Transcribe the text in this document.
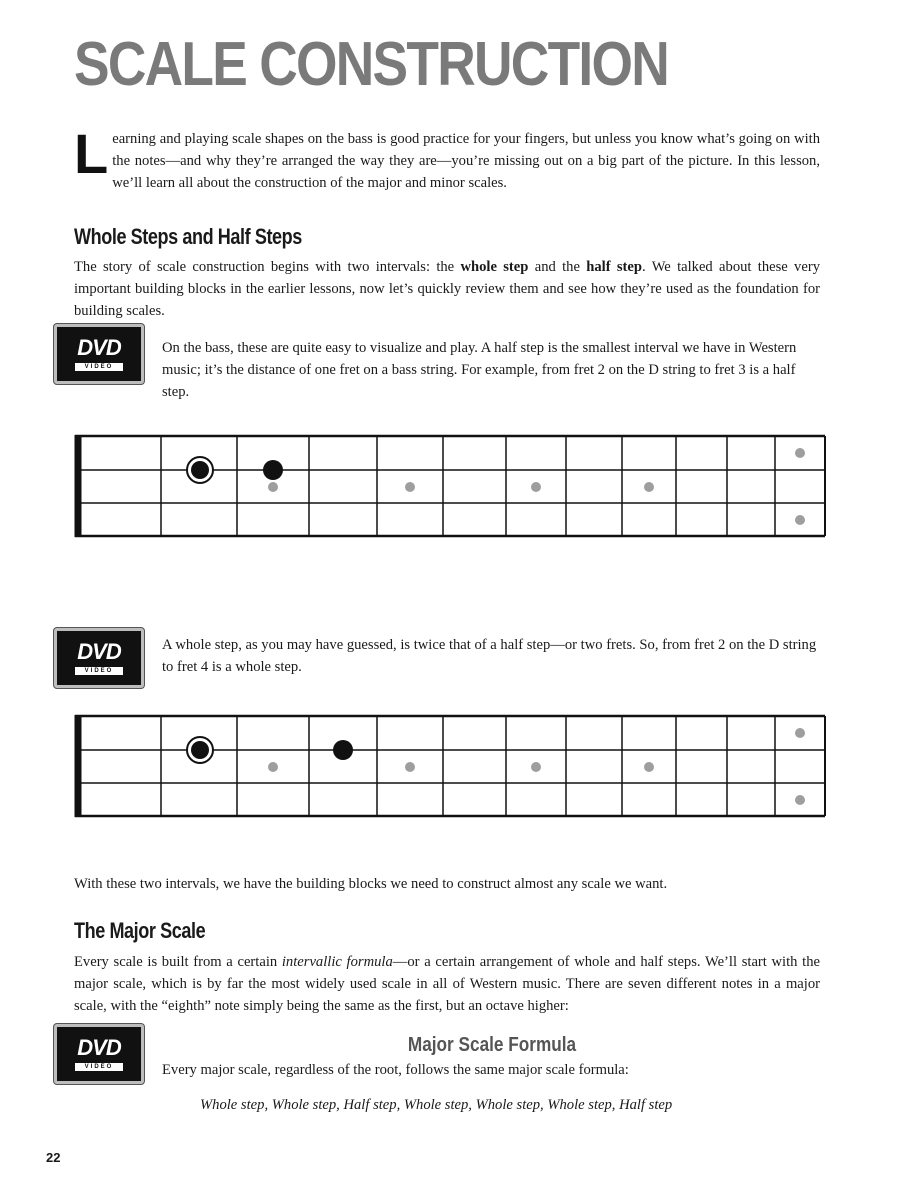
SCALE CONSTRUCTION

Learning and playing scale shapes on the bass is good practice for your fingers, but unless you know what’s going on with the notes—and why they’re arranged the way they are—you’re missing out on a big part of the picture. In this lesson, we’ll learn all about the construction of the major and minor scales.

Whole Steps and Half Steps

The story of scale construction begins with two intervals: the whole step and the half step. We talked about these very important building blocks in the earlier lessons, now let’s quickly review them and see how they’re used as the foundation for building scales.

DVD
VIDEO

On the bass, these are quite easy to visualize and play. A half step is the smallest interval we have in Western music; it’s the distance of one fret on a bass string. For example, from fret 2 on the D string to fret 3 is a half step.

DVD
VIDEO

A whole step, as you may have guessed, is twice that of a half step—or two frets. So, from fret 2 on the D string to fret 4 is a whole step.

With these two intervals, we have the building blocks we need to construct almost any scale we want.

The Major Scale

Every scale is built from a certain intervallic formula—or a certain arrangement of whole and half steps. We’ll start with the major scale, which is by far the most widely used scale in all of Western music. There are seven different notes in a major scale, with the “eighth” note simply being the same as the first, but an octave higher:

DVD
VIDEO

Major Scale Formula

Every major scale, regardless of the root, follows the same major scale formula:

Whole step, Whole step, Half step, Whole step, Whole step, Whole step, Half step

22
